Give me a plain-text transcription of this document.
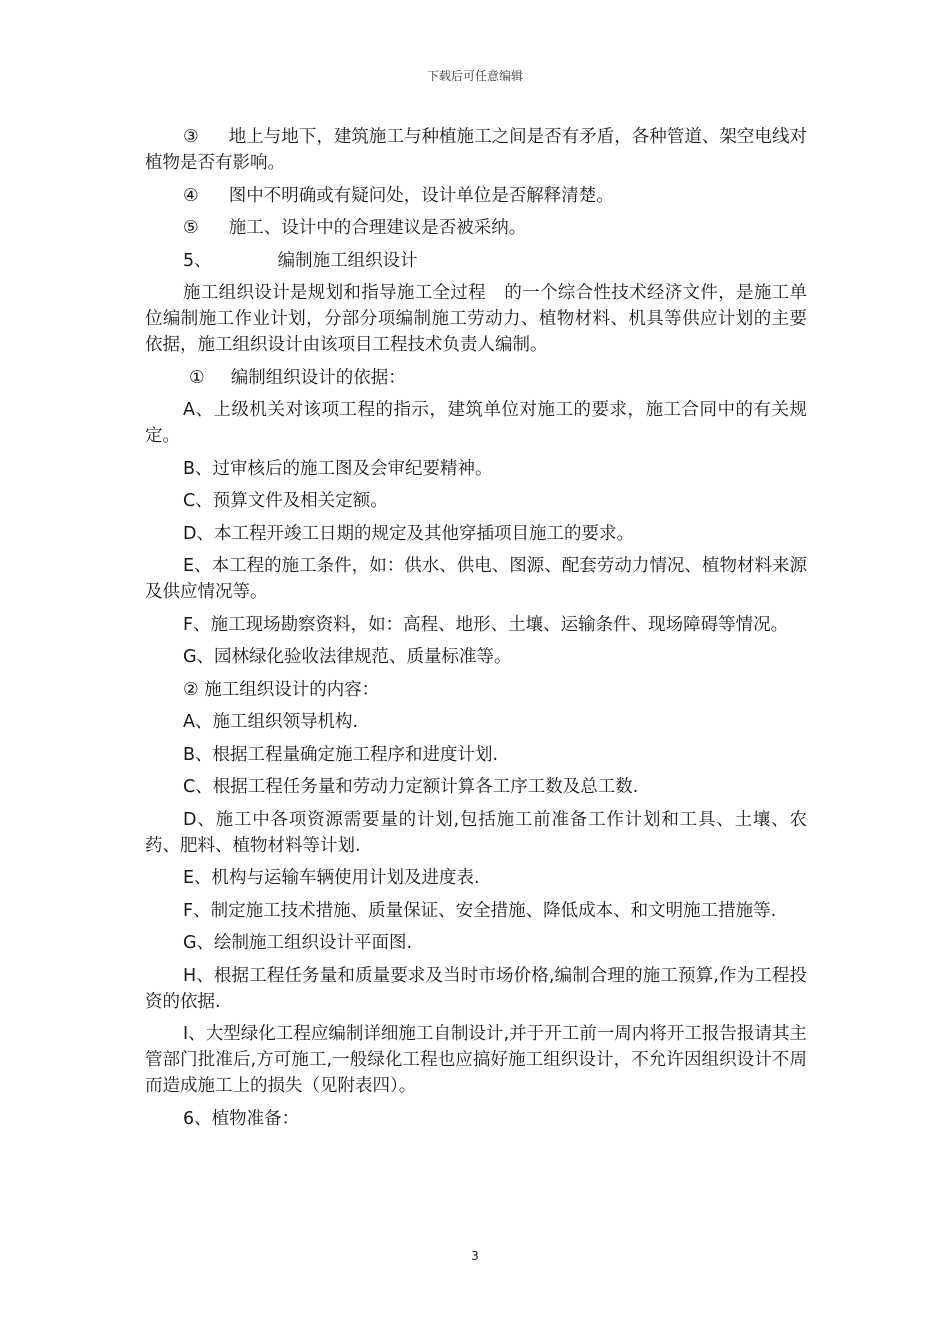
下载后可任意编辑

③ 地上与地下，建筑施工与种植施工之间是否有矛盾，各种管道、架空电线对植物是否有影响。

④ 图中不明确或有疑问处，设计单位是否解释清楚。

⑤ 施工、设计中的合理建议是否被采纳。

5、	编制施工组织设计

施工组织设计是规划和指导施工全过程 的一个综合性技术经济文件，是施工单位编制施工作业计划，分部分项编制施工劳动力、植物材料、机具等供应计划的主要依据，施工组织设计由该项目工程技术负责人编制。

① 编制组织设计的依据：

A、上级机关对该项工程的指示，建筑单位对施工的要求，施工合同中的有关规定。

B、过审核后的施工图及会审纪要精神。

C、预算文件及相关定额。

D、本工程开竣工日期的规定及其他穿插项目施工的要求。

E、本工程的施工条件，如：供水、供电、图源、配套劳动力情况、植物材料来源及供应情况等。

F、施工现场勘察资料，如：高程、地形、土壤、运输条件、现场障碍等情况。

G、园林绿化验收法律规范、质量标准等。

② 施工组织设计的内容：

A、施工组织领导机构.

B、根据工程量确定施工程序和进度计划.

C、根据工程任务量和劳动力定额计算各工序工数及总工数.

D、施工中各项资源需要量的计划,包括施工前准备工作计划和工具、土壤、农药、肥料、植物材料等计划.

E、机构与运输车辆使用计划及进度表.

F、制定施工技术措施、质量保证、安全措施、降低成本、和文明施工措施等.

G、绘制施工组织设计平面图.

H、根据工程任务量和质量要求及当时市场价格,编制合理的施工预算,作为工程投资的依据.

I、大型绿化工程应编制详细施工自制设计,并于开工前一周内将开工报告报请其主管部门批准后,方可施工,一般绿化工程也应搞好施工组织设计，不允许因组织设计不周而造成施工上的损失（见附表四）。

6、植物准备：

3
